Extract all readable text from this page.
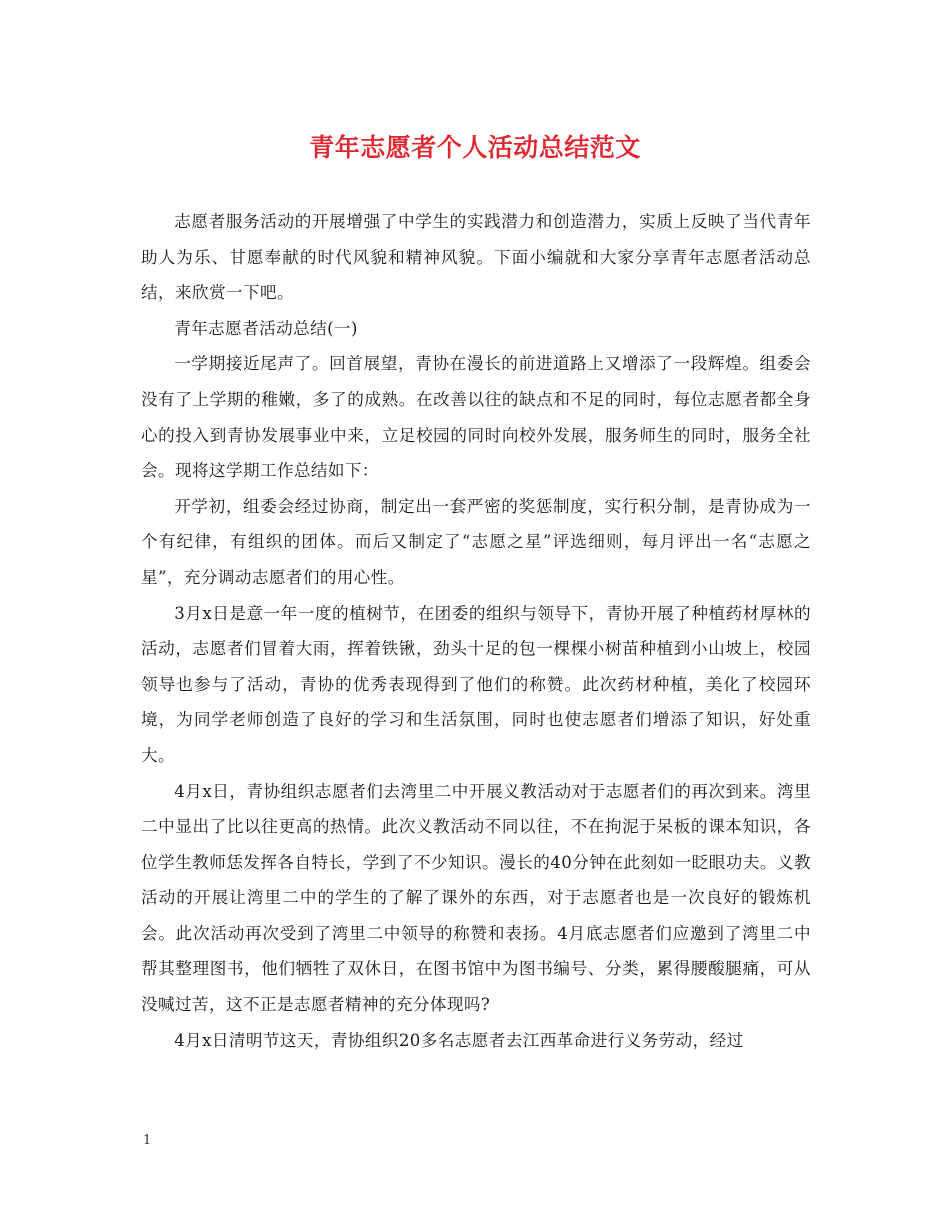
青年志愿者个人活动总结范文

志愿者服务活动的开展增强了中学生的实践潜力和创造潜力，实质上反映了当代青年助人为乐、甘愿奉献的时代风貌和精神风貌。下面小编就和大家分享青年志愿者活动总结，来欣赏一下吧。

青年志愿者活动总结(一)

一学期接近尾声了。回首展望，青协在漫长的前进道路上又增添了一段辉煌。组委会没有了上学期的稚嫩，多了的成熟。在改善以往的缺点和不足的同时，每位志愿者都全身心的投入到青协发展事业中来，立足校园的同时向校外发展，服务师生的同时，服务全社会。现将这学期工作总结如下：

开学初，组委会经过协商，制定出一套严密的奖惩制度，实行积分制，是青协成为一个有纪律，有组织的团体。而后又制定了“志愿之星”评选细则，每月评出一名“志愿之星”，充分调动志愿者们的用心性。

3月x日是意一年一度的植树节，在团委的组织与领导下，青协开展了种植药材厚林的活动，志愿者们冒着大雨，挥着铁锹，劲头十足的包一棵棵小树苗种植到小山坡上，校园领导也参与了活动，青协的优秀表现得到了他们的称赞。此次药材种植，美化了校园环境，为同学老师创造了良好的学习和生活氛围，同时也使志愿者们增添了知识，好处重大。

4月x日，青协组织志愿者们去湾里二中开展义教活动对于志愿者们的再次到来。湾里二中显出了比以往更高的热情。此次义教活动不同以往，不在拘泥于呆板的课本知识，各位学生教师恁发挥各自特长，学到了不少知识。漫长的40分钟在此刻如一眨眼功夫。义教活动的开展让湾里二中的学生的了解了课外的东西，对于志愿者也是一次良好的锻炼机会。此次活动再次受到了湾里二中领导的称赞和表扬。4月底志愿者们应邀到了湾里二中帮其整理图书，他们牺牲了双休日，在图书馆中为图书编号、分类，累得腰酸腿痛，可从没喊过苦，这不正是志愿者精神的充分体现吗?

4月x日清明节这天，青协组织20多名志愿者去江西革命进行义务劳动，经过

1
